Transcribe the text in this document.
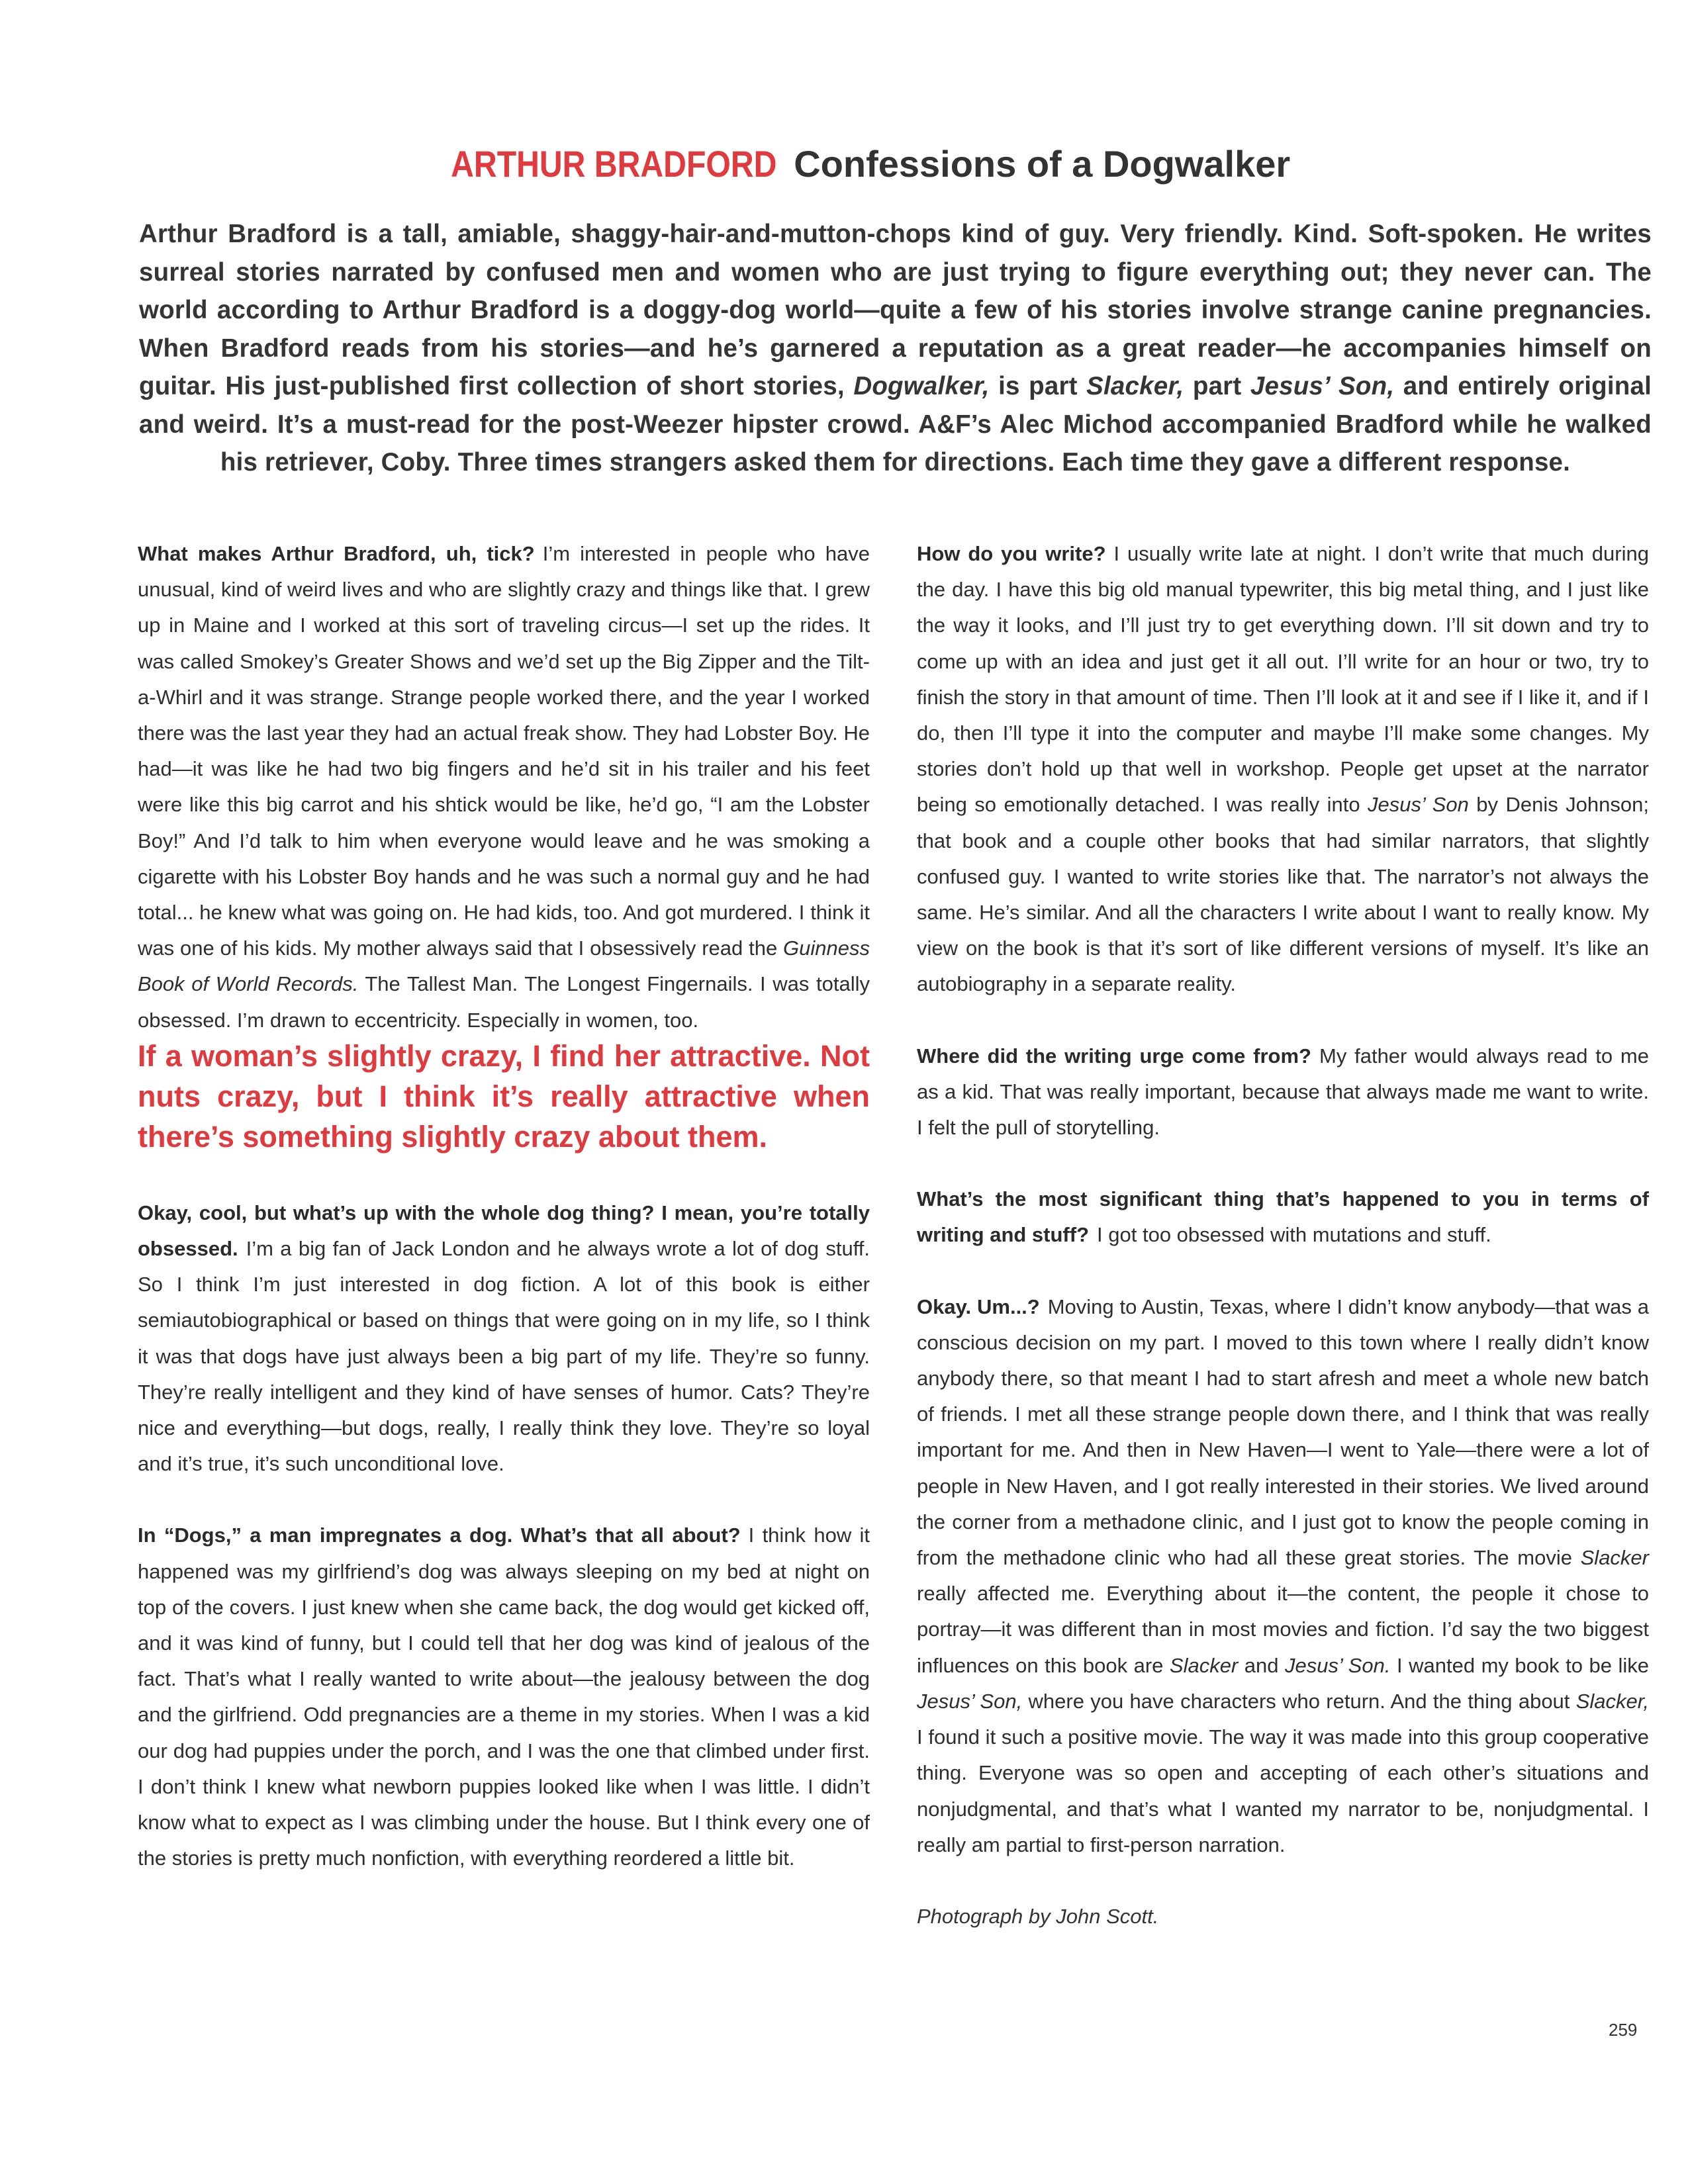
ARTHUR BRADFORD Confessions of a Dogwalker
Arthur Bradford is a tall, amiable, shaggy-hair-and-mutton-chops kind of guy. Very friendly. Kind. Soft-spoken. He writes surreal stories narrated by confused men and women who are just trying to figure everything out; they never can. The world according to Arthur Bradford is a doggy-dog world—quite a few of his stories involve strange canine pregnancies. When Bradford reads from his stories—and he’s garnered a reputation as a great reader—he accompanies himself on guitar. His just-published first collection of short stories, Dogwalker, is part Slacker, part Jesus’ Son, and entirely original and weird. It’s a must-read for the post-Weezer hipster crowd. A&F’s Alec Michod accompanied Bradford while he walked his retriever, Coby. Three times strangers asked them for directions. Each time they gave a different response.

What makes Arthur Bradford, uh, tick? I’m interested in people who have unusual, kind of weird lives and who are slightly crazy and things like that. I grew up in Maine and I worked at this sort of traveling circus—I set up the rides. It was called Smokey’s Greater Shows and we’d set up the Big Zipper and the Tilt-a-Whirl and it was strange. Strange people worked there, and the year I worked there was the last year they had an actual freak show. They had Lobster Boy. He had—it was like he had two big fingers and he’d sit in his trailer and his feet were like this big carrot and his shtick would be like, he’d go, “I am the Lobster Boy!” And I’d talk to him when everyone would leave and he was smoking a cigarette with his Lobster Boy hands and he was such a normal guy and he had total... he knew what was going on. He had kids, too. And got murdered. I think it was one of his kids. My mother always said that I obsessively read the Guinness Book of World Records. The Tallest Man. The Longest Fingernails. I was totally obsessed. I’m drawn to eccentricity. Especially in women, too.

If a woman’s slightly crazy, I find her attractive. Not nuts crazy, but I think it’s really attractive when there’s something slightly crazy about them.

Okay, cool, but what’s up with the whole dog thing? I mean, you’re totally obsessed. I’m a big fan of Jack London and he always wrote a lot of dog stuff. So I think I’m just interested in dog fiction. A lot of this book is either semiautobiographical or based on things that were going on in my life, so I think it was that dogs have just always been a big part of my life. They’re so funny. They’re really intelligent and they kind of have senses of humor. Cats? They’re nice and everything—but dogs, really, I really think they love. They’re so loyal and it’s true, it’s such unconditional love.

In “Dogs,” a man impregnates a dog. What’s that all about? I think how it happened was my girlfriend’s dog was always sleeping on my bed at night on top of the covers. I just knew when she came back, the dog would get kicked off, and it was kind of funny, but I could tell that her dog was kind of jealous of the fact. That’s what I really wanted to write about—the jealousy between the dog and the girlfriend. Odd pregnancies are a theme in my stories. When I was a kid our dog had puppies under the porch, and I was the one that climbed under first. I don’t think I knew what newborn puppies looked like when I was little. I didn’t know what to expect as I was climbing under the house. But I think every one of the stories is pretty much nonfiction, with everything reordered a little bit.

How do you write? I usually write late at night. I don’t write that much during the day. I have this big old manual typewriter, this big metal thing, and I just like the way it looks, and I’ll just try to get everything down. I’ll sit down and try to come up with an idea and just get it all out. I’ll write for an hour or two, try to finish the story in that amount of time. Then I’ll look at it and see if I like it, and if I do, then I’ll type it into the computer and maybe I’ll make some changes. My stories don’t hold up that well in workshop. People get upset at the narrator being so emotionally detached. I was really into Jesus’ Son by Denis Johnson; that book and a couple other books that had similar narrators, that slightly confused guy. I wanted to write stories like that. The narrator’s not always the same. He’s similar. And all the characters I write about I want to really know. My view on the book is that it’s sort of like different versions of myself. It’s like an autobiography in a separate reality.

Where did the writing urge come from? My father would always read to me as a kid. That was really important, because that always made me want to write. I felt the pull of storytelling.

What’s the most significant thing that’s happened to you in terms of writing and stuff? I got too obsessed with mutations and stuff.

Okay. Um...? Moving to Austin, Texas, where I didn’t know anybody—that was a conscious decision on my part. I moved to this town where I really didn’t know anybody there, so that meant I had to start afresh and meet a whole new batch of friends. I met all these strange people down there, and I think that was really important for me. And then in New Haven—I went to Yale—there were a lot of people in New Haven, and I got really interested in their stories. We lived around the corner from a methadone clinic, and I just got to know the people coming in from the methadone clinic who had all these great stories. The movie Slacker really affected me. Everything about it—the content, the people it chose to portray—it was different than in most movies and fiction. I’d say the two biggest influences on this book are Slacker and Jesus’ Son. I wanted my book to be like Jesus’ Son, where you have characters who return. And the thing about Slacker, I found it such a positive movie. The way it was made into this group cooperative thing. Everyone was so open and accepting of each other’s situations and nonjudgmental, and that’s what I wanted my narrator to be, nonjudgmental. I really am partial to first-person narration.

Photograph by John Scott.
259
